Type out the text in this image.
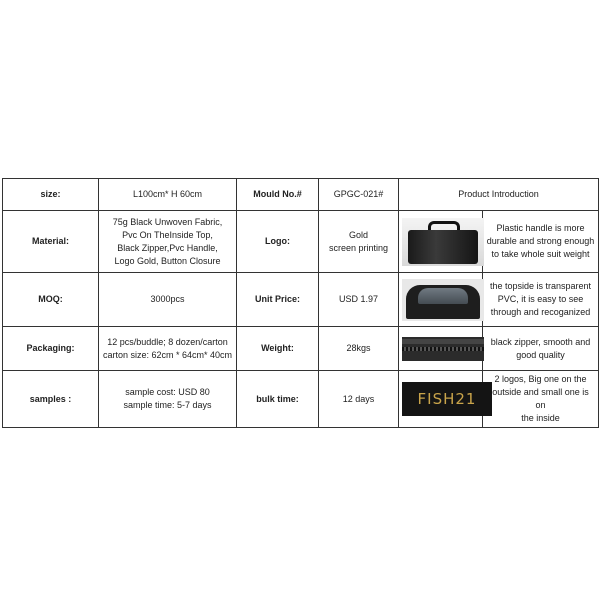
size:	L100cm* H 60cm	Mould No.#	GPGC-021#	Product Introduction	
Material:	75g Black Unwoven Fabric,
Pvc On TheInside Top,
Black Zipper,Pvc Handle,
Logo Gold, Button Closure	Logo:	Gold
screen printing		Plastic handle is more
durable and strong enough
to take whole suit weight
MOQ:	3000pcs	Unit Price:	USD 1.97		the topside is transparent
PVC, it is easy to see
through and recoganized
Packaging:	12 pcs/buddle; 8 dozen/carton
carton size: 62cm * 64cm* 40cm	Weight:	28kgs		black zipper, smooth and
good quality
samples :	sample cost: USD 80
sample time: 5-7 days	bulk time:	12 days	FISH21	2 logos, Big one on the
outside and small one is on
the inside
